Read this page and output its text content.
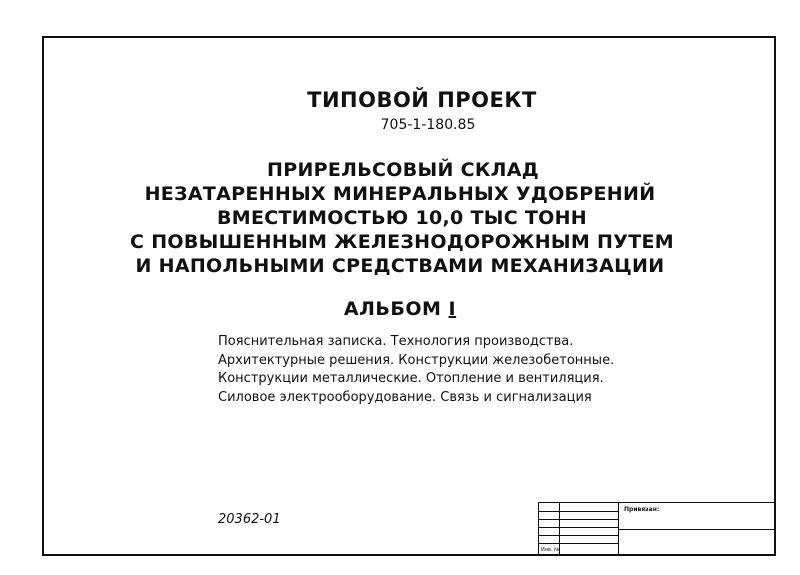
ТИПОВОЙ ПРОЕКТ
705-1-180.85
ПРИРЕЛЬСОВЫЙ СКЛАД
НЕЗАТАРЕННЫХ МИНЕРАЛЬНЫХ УДОБРЕНИЙ
ВМЕСТИМОСТЬЮ 10,0 ТЫС ТОНН
С ПОВЫШЕННЫМ ЖЕЛЕЗНОДОРОЖНЫМ ПУТЕМ
И НАПОЛЬНЫМИ СРЕДСТВАМИ МЕХАНИЗАЦИИ
АЛЬБОМ I
Пояснительная записка. Технология производства.
Архитектурные решения. Конструкции железобетонные.
Конструкции металлические. Отопление и вентиляция.
Силовое электрооборудование. Связь и сигнализация
20362-01
Инв. №
Привязан:
